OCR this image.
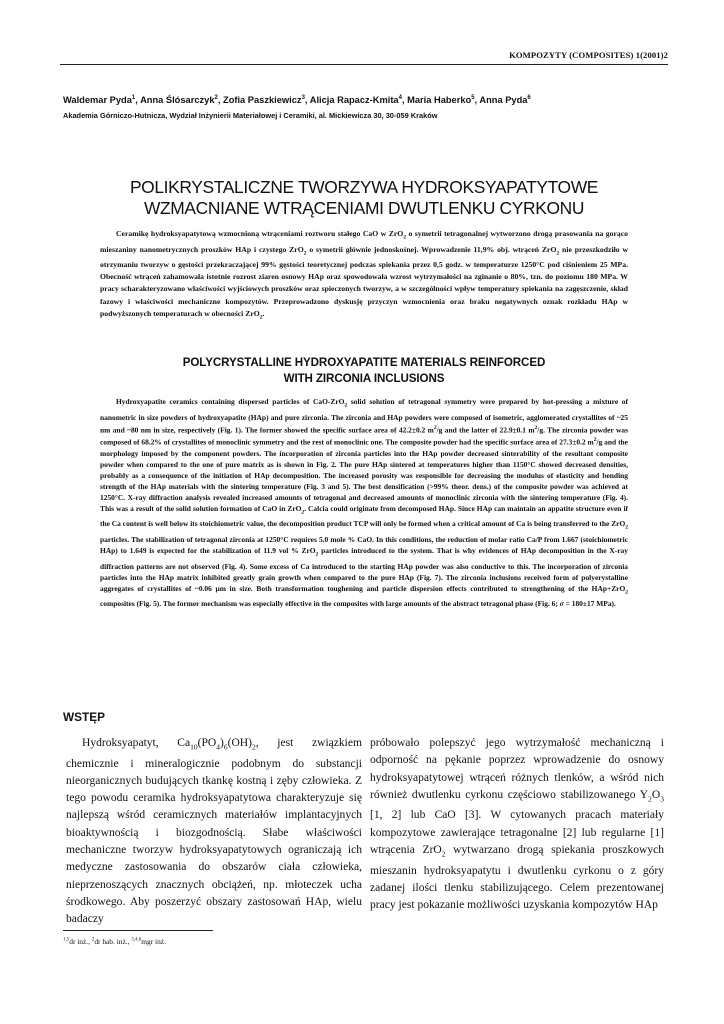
KOMPOZYTY (COMPOSITES) 1(2001)2
Waldemar Pyda$^1$, Anna Ślósarczyk$^2$, Zofia Paszkiewicz$^3$, Alicja Rapacz-Kmita$^4$, Maria Haberko$^5$, Anna Pyda$^6$
Akademia Górniczo-Hutnicza, Wydział Inżynierii Materiałowej i Ceramiki, al. Mickiewicza 30, 30-059 Kraków
POLIKRYSTALICZNE TWORZYWA HYDROKSYAPATYTOWE
WZMACNIANE WTRĄCENIAMI DWUTLENKU CYRKONU

Ceramikę hydroksyapatytową wzmocnioną wtrąceniami roztworu stałego CaO w ZrO$_2$ o symetrii tetragonalnej wytworzono drogą prasowania na gorąco mieszaniny nanometrycznych proszków HAp i czystego ZrO$_2$ o symetrii głównie jednoskośnej. Wprowadzenie 11,9% obj. wtrąceń ZrO$_2$ nie przeszkodziło w otrzymaniu tworzyw o gęstości przekraczającej 99% gęstości teoretycznej podczas spiekania przez 0,5 godz. w temperaturze 1250°C pod ciśnieniem 25 MPa. Obecność wtrąceń zahamowała istotnie rozrost ziaren osnowy HAp oraz spowodowała wzrost wytrzymałości na zginanie o 80%, tzn. do poziomu 180 MPa. W pracy scharakteryzowano właściwości wyjściowych proszków oraz spieczonych tworzyw, a w szczególności wpływ temperatury spiekania na zagęszczenie, skład fazowy i właściwości mechaniczne kompozytów. Przeprowadzono dyskusję przyczyn wzmocnienia oraz braku negatywnych oznak rozkładu HAp w podwyższonych temperaturach w obecności ZrO$_2$.

POLYCRYSTALLINE HYDROXYAPATITE MATERIALS REINFORCED
WITH ZIRCONIA INCLUSIONS

Hydroxyapatite ceramics containing dispersed particles of CaO-ZrO$_2$ solid solution of tetragonal symmetry were prepared by hot-pressing a mixture of nanometric in size powders of hydroxyapatite (HAp) and pure zirconia. The zirconia and HAp powders were composed of isometric, agglomerated crystallites of ~25 nm and ~80 nm in size, respectively (Fig. 1). The former showed the specific surface area of 42.2±0.2 $m^2/g$ and the latter of 22.9±0.1 $m^2/g$. The zirconia powder was composed of 68.2% of crystallites of monoclinic symmetry and the rest of monoclinic one. The composite powder had the specific surface area of 27.3±0.2 $m^2/g$ and the morphology imposed by the component powders. The incorporation of zirconia particles into the HAp powder decreased sinterability of the resultant composite powder when compared to the one of pure matrix as is shown in Fig. 2. The pure HAp sintered at temperatures higher than 1150°C showed decreased densities, probably as a consequence of the initiation of HAp decomposition. The increased porosity was responsible for decreasing the modulus of elasticity and bending strength of the HAp materials with the sintering temperature (Fig. 3 and 5). The best densification (>99% theor. dens.) of the composite powder was achieved at 1250°C. X-ray diffraction analysis revealed increased amounts of tetragonal and decreased amounts of monoclinic zirconia with the sintering temperature (Fig. 4). This was a result of the solid solution formation of CaO in ZrO$_2$. Calcia could originate from decomposed HAp. Since HAp can maintain an appatite structure even if the Ca content is well below its stoichiometric value, the decomposition product TCP will only be formed when a critical amount of Ca is being transferred to the ZrO$_2$ particles. The stabilization of tetragonal zirconia at 1250°C requires 5.0 mole % CaO. In this conditions, the reduction of molar ratio Ca/P from 1.667 (stoichiometric HAp) to 1.649 is expected for the stabilization of 11.9 vol % ZrO$_2$ particles introduced to the system. That is why evidences of HAp decomposition in the X-ray diffraction patterns are not observed (Fig. 4). Some excess of Ca introduced to the starting HAp powder was also conductive to this. The incorporation of zirconia particles into the HAp matrix inhibited greatly grain growth when compared to the pure HAp (Fig. 7). The zirconia inclusions received form of polyerystalline aggregates of crystallites of ~0.06 μm in size. Both transformation toughening and particle dispersion effects contributed to strengthening of the HAp+ZrO$_2$ composites (Fig. 5). The former mechanism was especially effective in the composites with large amounts of the abstract tetragonal phase (Fig. 6; σ = 180±17 MPa).

WSTĘP

Hydroksyapatyt, $Ca_{10}(PO_4)_6(OH)_2$, jest związkiem chemicznie i mineralogicznie podobnym do substancji nieorganicznych budujących tkankę kostną i zęby człowieka. Z tego powodu ceramika hydroksyapatytowa charakteryzuje się najlepszą wśród ceramicznych materiałów implantacyjnych bioaktywnością i biozgodnością. Słabe właściwości mechaniczne tworzyw hydroksyapatytowych ograniczają ich medyczne zastosowania do obszarów ciała człowieka, nieprzenoszących znacznych obciążeń, np. młoteczek ucha środkowego. Aby poszerzyć obszary zastosowań HAp, wielu badaczy

próbowało polepszyć jego wytrzymałość mechaniczną i odporność na pękanie poprzez wprowadzenie do osnowy hydroksyapatytowej wtrąceń różnych tlenków, a wśród nich również dwutlenku cyrkonu częściowo stabilizowanego $Y_2O_3$ [1, 2] lub CaO [3]. W cytowanych pracach materiały kompozytowe zawierające tetragonalne [2] lub regularne [1] wtrącenia ZrO$_2$ wytwarzano drogą spiekania proszkowych mieszanin hydroksyapatytu i dwutlenku cyrkonu o z góry zadanej ilości tlenku stabilizującego. Celem prezentowanej pracy jest pokazanie możliwości uzyskania kompozytów HAp

$^{1,5}$dr inż., $^2$dr hab. inż., $^{3,4,6}$mgr inż.
